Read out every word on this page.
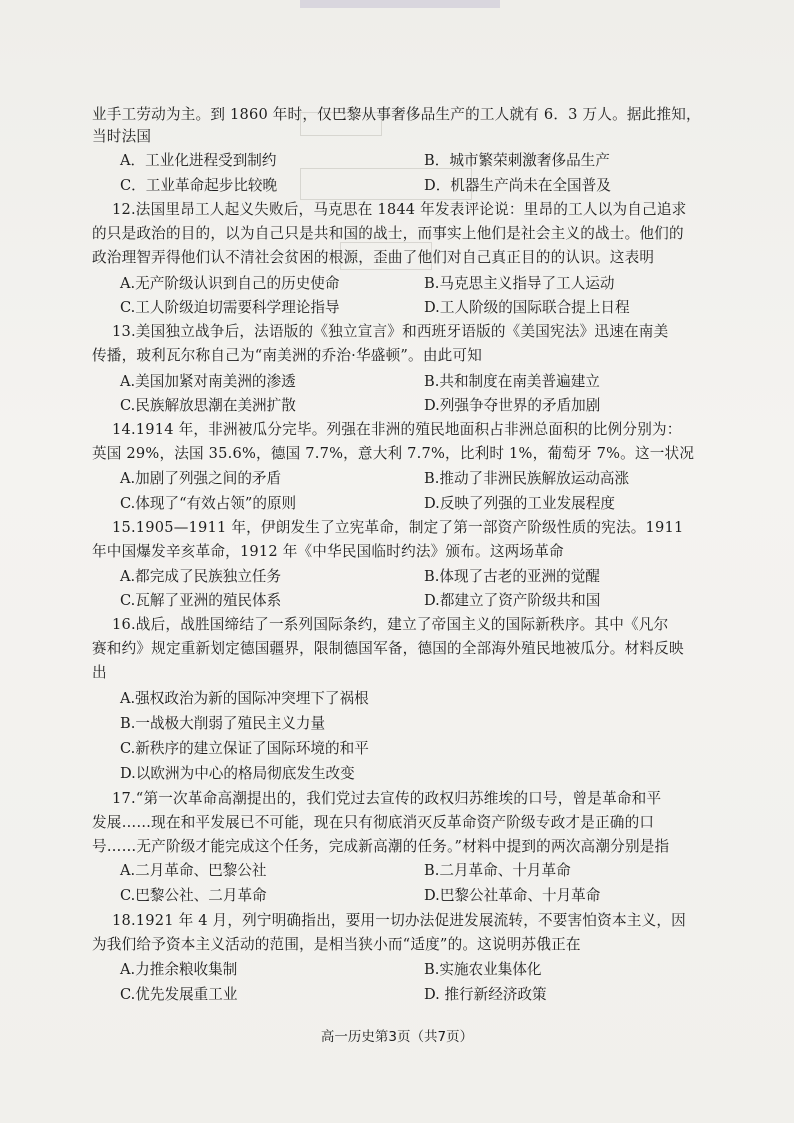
业手工劳动为主。到 1860 年时，仅巴黎从事奢侈品生产的工人就有 6．3 万人。据此推知，
当时法国
A．工业化进程受到制约	B．城市繁荣刺激奢侈品生产
C．工业革命起步比较晚	D．机器生产尚未在全国普及
12.法国里昂工人起义失败后，马克思在 1844 年发表评论说：里昂的工人以为自己追求
的只是政治的目的，以为自己只是共和国的战士，而事实上他们是社会主义的战士。他们的
政治理智弄得他们认不清社会贫困的根源，歪曲了他们对自己真正目的的认识。这表明
A.无产阶级认识到自己的历史使命	B.马克思主义指导了工人运动
C.工人阶级迫切需要科学理论指导	D.工人阶级的国际联合提上日程
13.美国独立战争后，法语版的《独立宣言》和西班牙语版的《美国宪法》迅速在南美
传播，玻利瓦尔称自己为“南美洲的乔治·华盛顿”。由此可知
A.美国加紧对南美洲的渗透	B.共和制度在南美普遍建立
C.民族解放思潮在美洲扩散	D.列强争夺世界的矛盾加剧
14.1914 年，非洲被瓜分完毕。列强在非洲的殖民地面积占非洲总面积的比例分别为：
英国 29%，法国 35.6%，德国 7.7%，意大利 7.7%，比利时 1%，葡萄牙 7%。这一状况
A.加剧了列强之间的矛盾	B.推动了非洲民族解放运动高涨
C.体现了“有效占领”的原则	D.反映了列强的工业发展程度
15.1905—1911 年，伊朗发生了立宪革命，制定了第一部资产阶级性质的宪法。1911
年中国爆发辛亥革命，1912 年《中华民国临时约法》颁布。这两场革命
A.都完成了民族独立任务	B.体现了古老的亚洲的觉醒
C.瓦解了亚洲的殖民体系	D.都建立了资产阶级共和国
16.战后，战胜国缔结了一系列国际条约，建立了帝国主义的国际新秩序。其中《凡尔
赛和约》规定重新划定德国疆界，限制德国军备，德国的全部海外殖民地被瓜分。材料反映
出
A.强权政治为新的国际冲突埋下了祸根
B.一战极大削弱了殖民主义力量
C.新秩序的建立保证了国际环境的和平
D.以欧洲为中心的格局彻底发生改变
17.“第一次革命高潮提出的，我们党过去宣传的政权归苏维埃的口号，曾是革命和平
发展……现在和平发展已不可能，现在只有彻底消灭反革命资产阶级专政才是正确的口
号……无产阶级才能完成这个任务，完成新高潮的任务。”材料中提到的两次高潮分别是指
A.二月革命、巴黎公社	B.二月革命、十月革命
C.巴黎公社、二月革命	D.巴黎公社革命、十月革命
18.1921 年 4 月，列宁明确指出，要用一切办法促进发展流转，不要害怕资本主义，因
为我们给予资本主义活动的范围，是相当狭小而“适度”的。这说明苏俄正在
A.力推余粮收集制	B.实施农业集体化
C.优先发展重工业	D. 推行新经济政策
高一历史第3页（共7页）
